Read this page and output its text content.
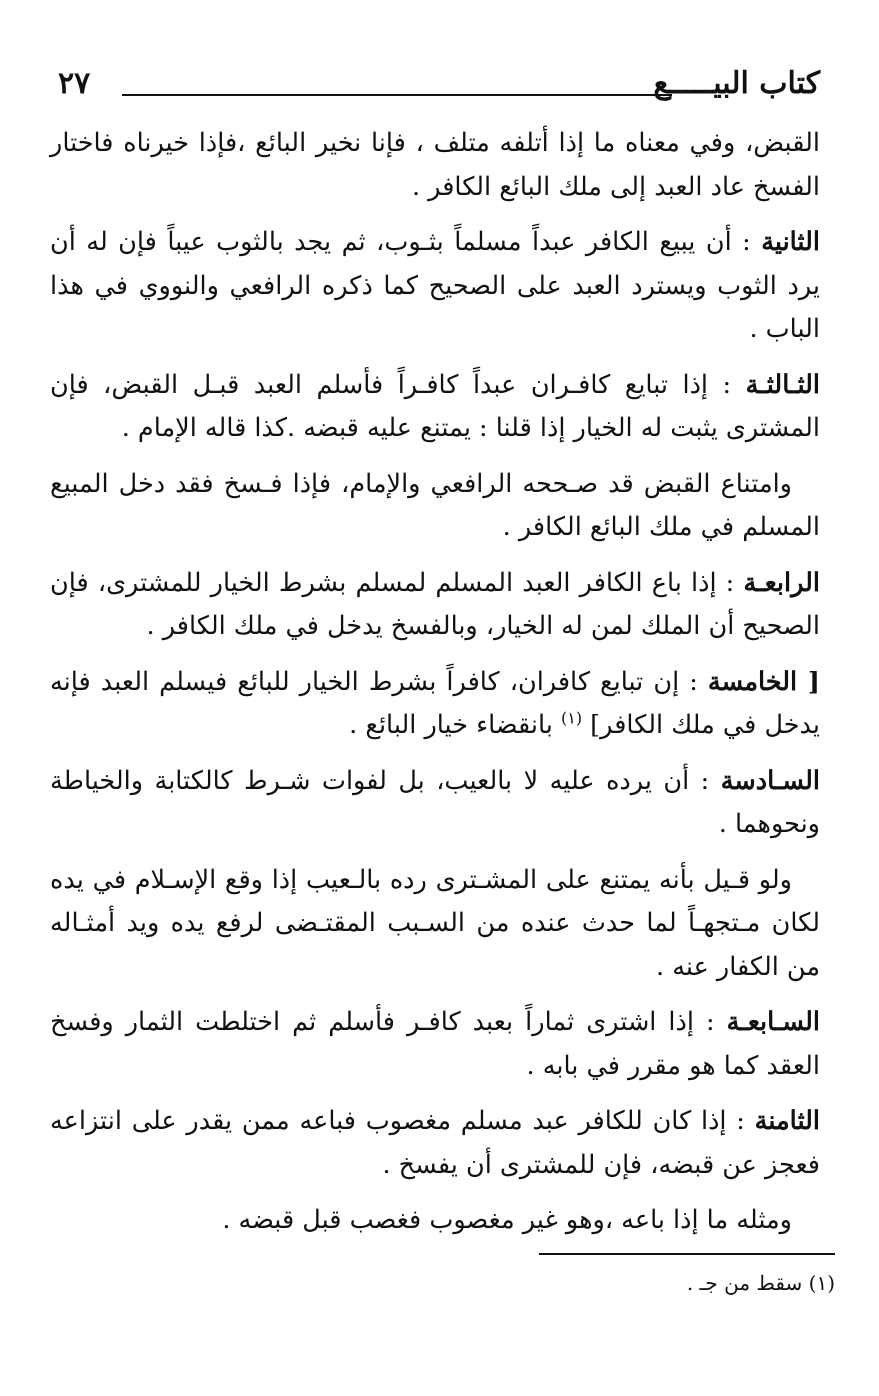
كتاب البيـــــع
٢٧

القبض، وفي معناه ما إذا أتلفه متلف ، فإنا نخير البائع ،فإذا خيرناه فاختار الفسخ عاد العبد إلى ملك البائع الكافر .

الثانية : أن يبيع الكافر عبداً مسلماً بثـوب، ثم يجد بالثوب عيباً فإن له أن يرد الثوب ويسترد العبد على الصحيح كما ذكره الرافعي والنووي في هذا الباب .

الثـالثـة : إذا تبايع كافـران عبداً كافـراً فأسلم العبد قبـل القبض، فإن المشترى يثبت له الخيار إذا قلنا : يمتنع عليه قبضه .كذا قاله الإمام .

وامتناع القبض قد صـححه الرافعي والإمام، فإذا فـسخ فقد دخل المبيع المسلم في ملك البائع الكافر .

الرابعـة : إذا باع الكافر العبد المسلم لمسلم بشرط الخيار للمشترى، فإن الصحيح أن الملك لمن له الخيار، وبالفسخ يدخل في ملك الكافر .

[ الخامسة : إن تبايع كافران، كافراً بشرط الخيار للبائع فيسلم العبد فإنه يدخل في ملك الكافر] $^{(١)}$ بانقضاء خيار البائع .

السـادسة : أن يرده عليه لا بالعيب، بل لفوات شـرط كالكتابة والخياطة ونحوهما .

ولو قـيل بأنه يمتنع على المشـترى رده بالـعيب إذا وقع الإسـلام في يده لكان مـتجهـاً لما حدث عنده من السـبب المقتـضى لرفع يده ويد أمثـاله من الكفار عنه .

السـابعـة : إذا اشترى ثماراً بعبد كافـر فأسلم ثم اختلطت الثمار وفسخ العقد كما هو مقرر في بابه .

الثامنة : إذا كان للكافر عبد مسلم مغصوب فباعه ممن يقدر على انتزاعه فعجز عن قبضه، فإن للمشترى أن يفسخ .

ومثله ما إذا باعه ،وهو غير مغصوب فغصب قبل قبضه .

(١) سقط من جـ .
